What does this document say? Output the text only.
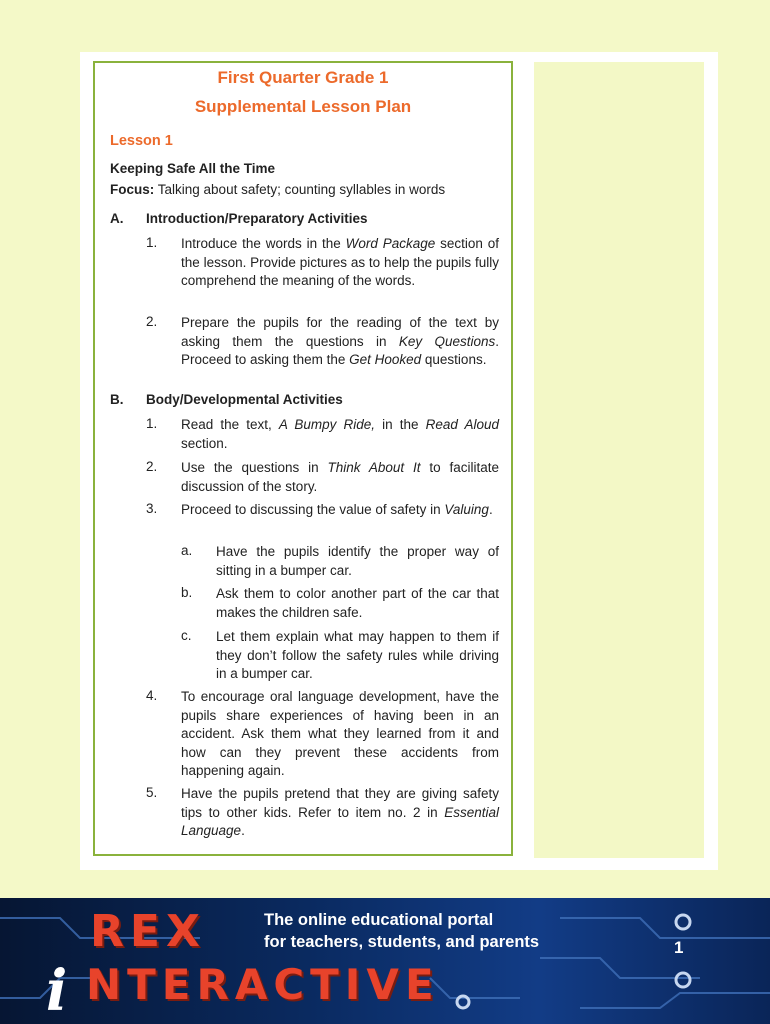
First Quarter Grade 1
Supplemental Lesson Plan
Lesson 1
Keeping Safe All the Time
Focus: Talking about safety; counting syllables in words
A. Introduction/Preparatory Activities
1. Introduce the words in the Word Package section of the lesson. Provide pictures as to help the pupils fully comprehend the meaning of the words.
2. Prepare the pupils for the reading of the text by asking them the questions in Key Questions. Proceed to asking them the Get Hooked questions.
B. Body/Developmental Activities
1. Read the text, A Bumpy Ride, in the Read Aloud section.
2. Use the questions in Think About It to facilitate discussion of the story.
3. Proceed to discussing the value of safety in Valuing.
a. Have the pupils identify the proper way of sitting in a bumper car.
b. Ask them to color another part of the car that makes the children safe.
c. Let them explain what may happen to them if they don’t follow the safety rules while driving in a bumper car.
4. To encourage oral language development, have the pupils share experiences of having been in an accident. Ask them what they learned from it and how can they prevent these accidents from happening again.
5. Have the pupils pretend that they are giving safety tips to other kids. Refer to item no. 2 in Essential Language.
REX
i NTERACTIVE
The online educational portal
for teachers, students, and parents	1
